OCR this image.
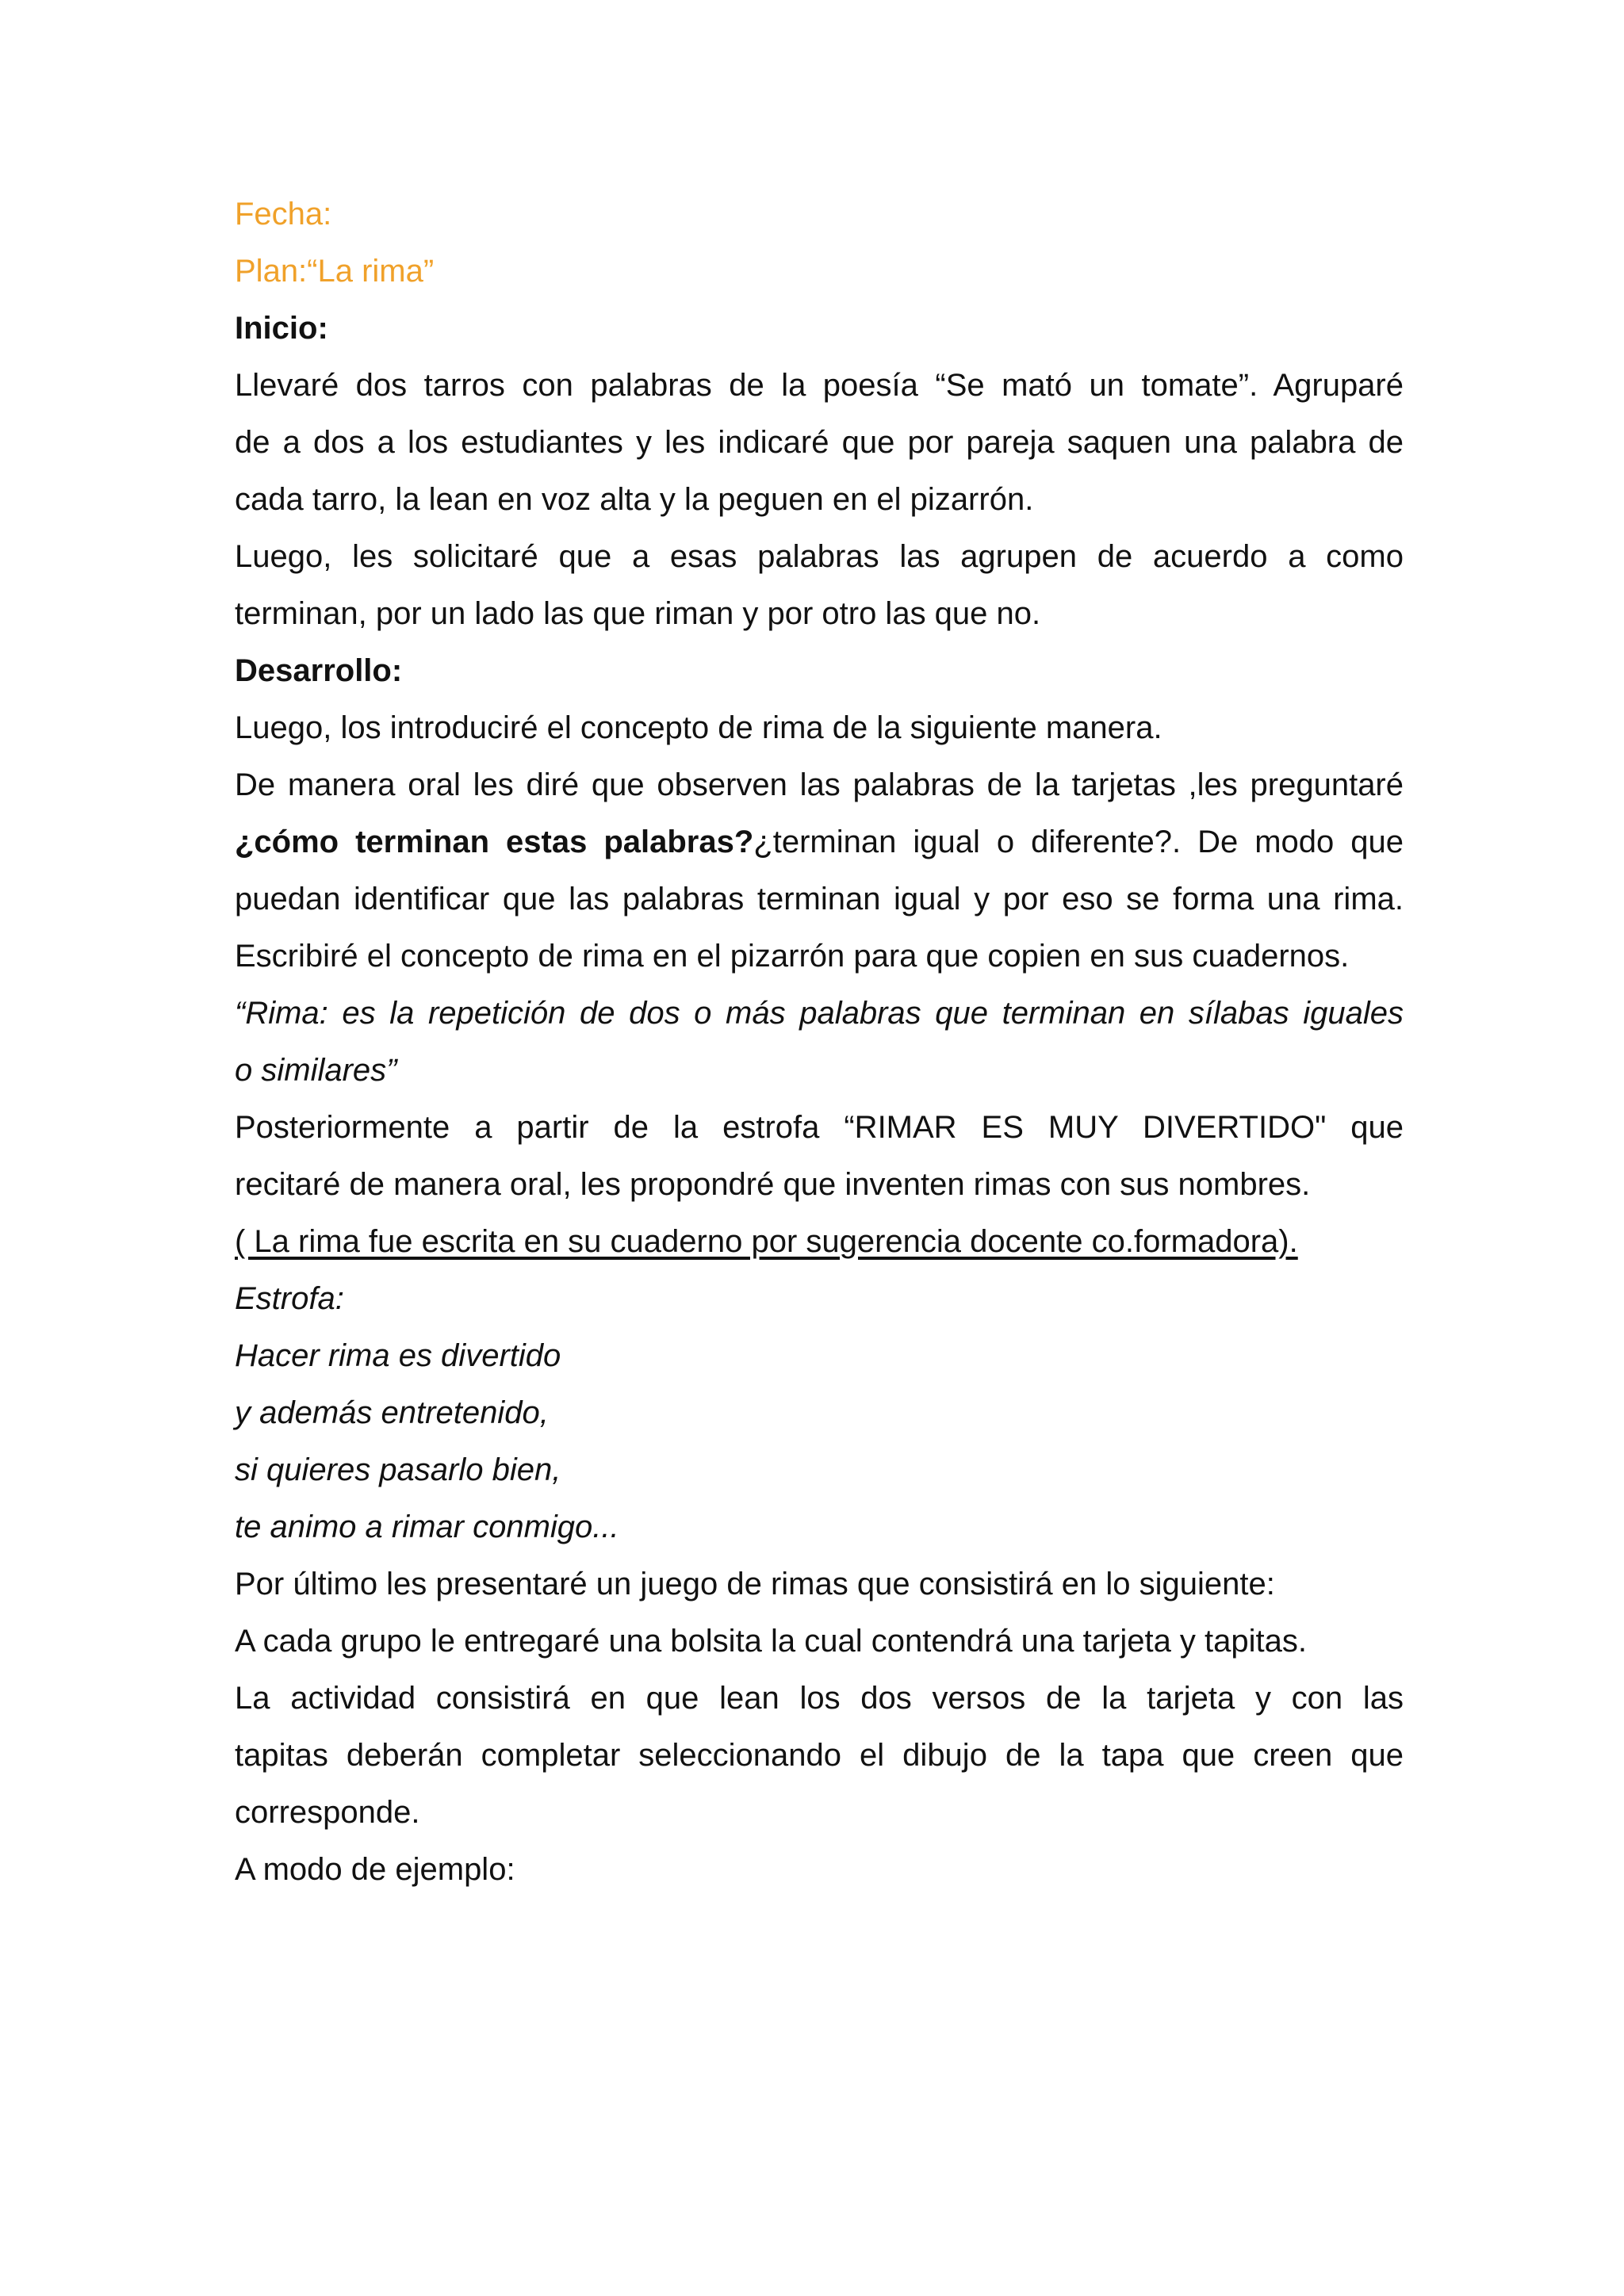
Fecha:
Plan:“La rima”
Inicio:
Llevaré dos tarros con palabras de la poesía “Se mató un tomate”. Agruparé
de a dos a los estudiantes y les indicaré que por pareja saquen una palabra de
cada tarro, la lean en voz alta y la peguen en el pizarrón.
Luego, les solicitaré que a esas palabras las agrupen de acuerdo a como
terminan, por un lado las que riman y por otro las que no.
Desarrollo:
Luego, los introduciré el concepto de rima de la siguiente manera.
De manera oral les diré que observen las palabras de la tarjetas ,les preguntaré
¿cómo terminan estas palabras?¿terminan igual o diferente?. De modo que
puedan identificar que las palabras terminan igual y por eso se forma una rima.
Escribiré el concepto de rima en el pizarrón para que copien en sus cuadernos.
“Rima: es la repetición de dos o más palabras que terminan en sílabas iguales
o similares”
Posteriormente a partir de la estrofa “RIMAR ES MUY DIVERTIDO" que
recitaré de manera oral, les propondré que inventen rimas con sus nombres.
( La rima fue escrita en su cuaderno por sugerencia docente co.formadora).
Estrofa:
Hacer rima es divertido
y además entretenido,
si quieres pasarlo bien,
te animo a rimar conmigo...
Por último les presentaré un juego de rimas que consistirá en lo siguiente:
A cada grupo le entregaré una bolsita la cual contendrá una tarjeta y tapitas.
La actividad consistirá en que lean los dos versos de la tarjeta y con las
tapitas deberán completar seleccionando el dibujo de la tapa que creen que
corresponde.
A modo de ejemplo:
